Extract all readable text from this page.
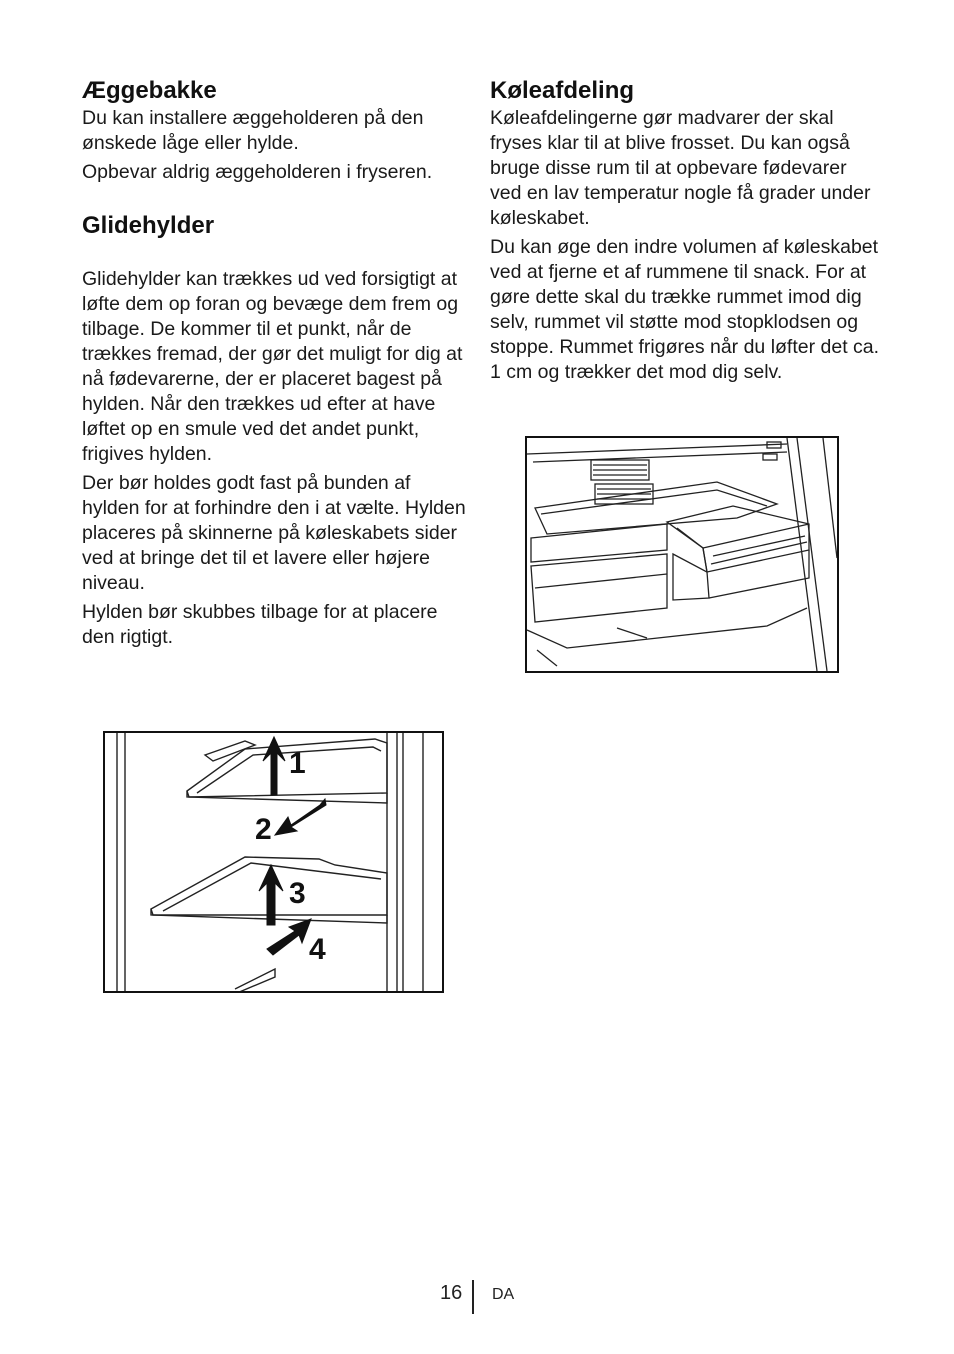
Æggebakke

Du kan installere æggeholderen på den ønskede låge eller hylde.

Opbevar aldrig æggeholderen i fryseren.

Glidehylder

Glidehylder kan trækkes ud ved forsigtigt at løfte dem op foran og bevæge dem frem og tilbage. De kommer til et punkt, når de trækkes fremad, der gør det muligt for dig at nå fødevarerne, der er placeret bagest på hylden. Når den trækkes ud efter at have løftet op en smule ved det andet punkt, frigives hylden.

Der bør holdes godt fast på bunden af hylden for at forhindre den i at vælte. Hylden placeres på skinnerne på køleskabets sider ved at bringe det til et lavere eller højere niveau.

Hylden bør skubbes tilbage for at placere den rigtigt.

Køleafdeling

Køleafdelingerne gør madvarer der skal fryses klar til at blive frosset. Du kan også bruge disse rum til at opbevare fødevarer ved en lav temperatur nogle få grader under køleskabet.

Du kan øge den indre volumen af køleskabet ved at fjerne et af rummene til snack. For at gøre dette skal du trække rummet imod dig selv, rummet vil støtte mod stopklodsen og stoppe. Rummet frigøres når du løfter det ca. 1 cm og trækker det mod dig selv.

1
2
3
4
16 DA
